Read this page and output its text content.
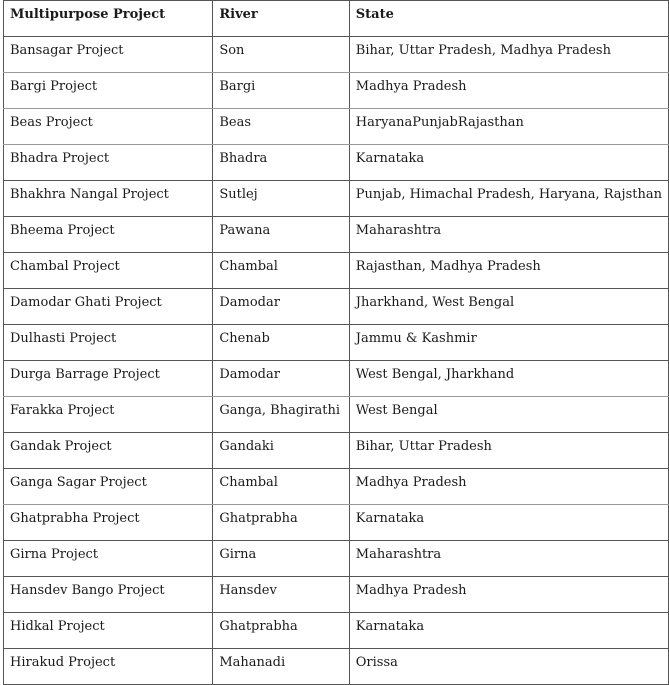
Multipurpose Project	River	State
Bansagar Project	Son	Bihar, Uttar Pradesh, Madhya Pradesh
Bargi Project	Bargi	Madhya Pradesh
Beas Project	Beas	HaryanaPunjabRajasthan
Bhadra Project	Bhadra	Karnataka
Bhakhra Nangal Project	Sutlej	Punjab, Himachal Pradesh, Haryana, Rajsthan
Bheema Project	Pawana	Maharashtra
Chambal Project	Chambal	Rajasthan, Madhya Pradesh
Damodar Ghati Project	Damodar	Jharkhand, West Bengal
Dulhasti Project	Chenab	Jammu & Kashmir
Durga Barrage Project	Damodar	West Bengal, Jharkhand
Farakka Project	Ganga, Bhagirathi	West Bengal
Gandak Project	Gandaki	Bihar, Uttar Pradesh
Ganga Sagar Project	Chambal	Madhya Pradesh
Ghatprabha Project	Ghatprabha	Karnataka
Girna Project	Girna	Maharashtra
Hansdev Bango Project	Hansdev	Madhya Pradesh
Hidkal Project	Ghatprabha	Karnataka
Hirakud Project	Mahanadi	Orissa
